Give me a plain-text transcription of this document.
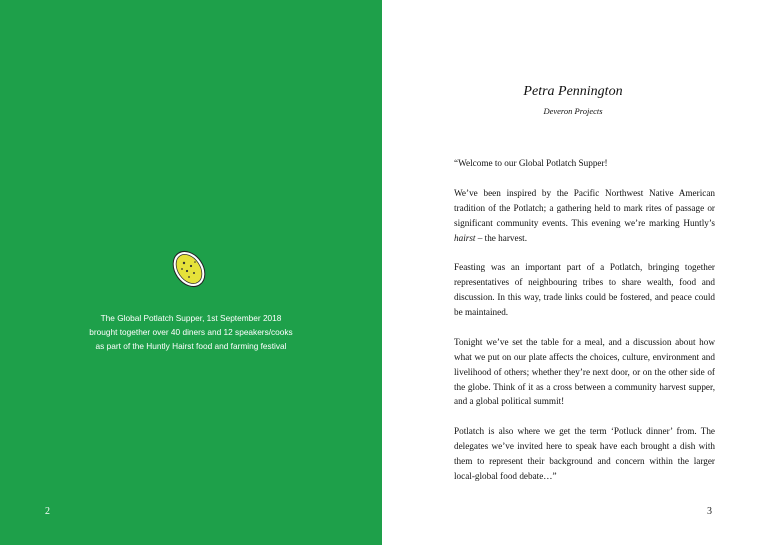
The Global Potlatch Supper, 1st September 2018
brought together over 40 diners and 12 speakers/cooks
as part of the Huntly Hairst food and farming festival
2
Petra Pennington
Deveron Projects

“Welcome to our Global Potlatch Supper!

We’ve been inspired by the Pacific Northwest Native American tradition of the Potlatch; a gathering held to mark rites of passage or significant community events. This evening we’re marking Huntly’s hairst – the harvest.

Feasting was an important part of a Potlatch, bringing together representatives of neighbouring tribes to share wealth, food and discussion. In this way, trade links could be fostered, and peace could be maintained.

Tonight we’ve set the table for a meal, and a discussion about how what we put on our plate affects the choices, culture, environment and livelihood of others; whether they’re next door, or on the other side of the globe. Think of it as a cross between a community harvest supper, and a global political summit!

Potlatch is also where we get the term ‘Potluck dinner’ from. The delegates we’ve invited here to speak have each brought a dish with them to represent their background and concern within the larger local-global food debate…”

3
